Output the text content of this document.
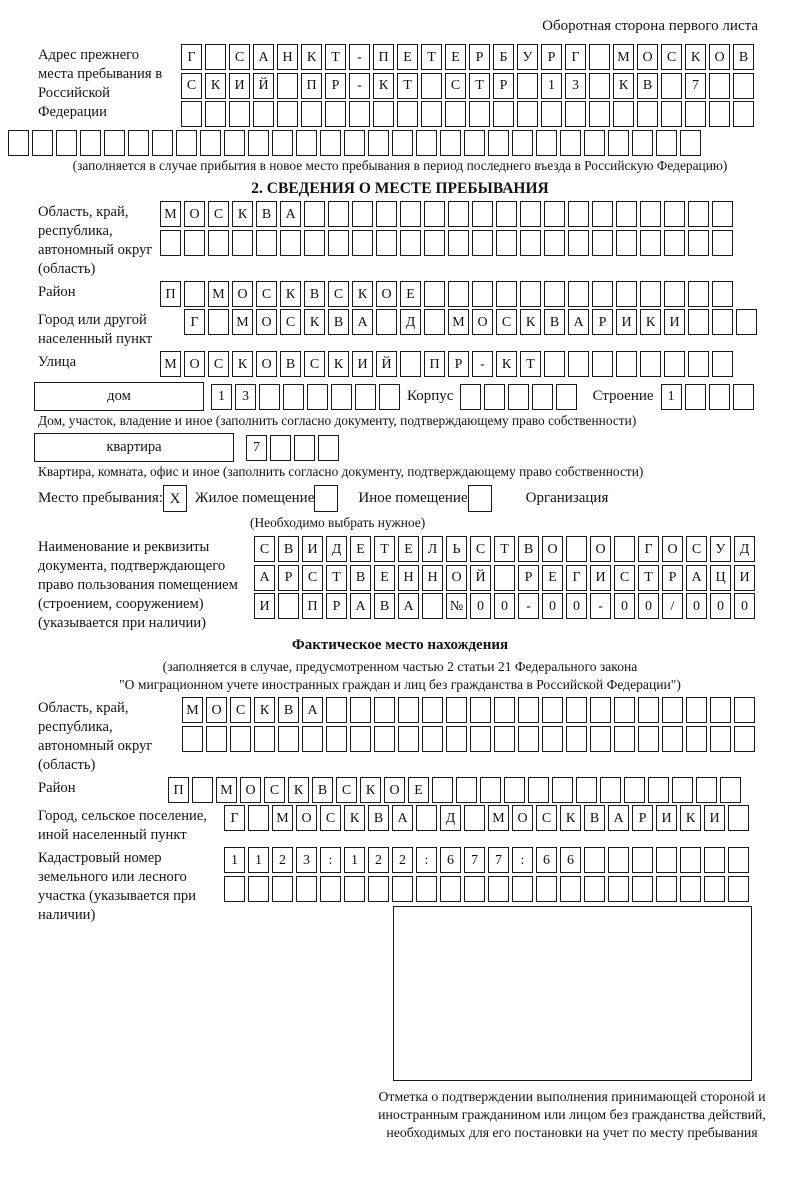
Оборотная сторона первого листа
Адрес прежнего места пребывания в Российской Федерации
Г	С	А Н	К	Т	-	П	Е	Т	Е	Р	Б	У	Р	Г	М О	С	К	О	В
С	К	И Й	П	Р	-	К	Т	С	Т	Р	1	3	К	В	7
(заполняется в случае прибытия в новое место пребывания в период последнего въезда в Российскую Федерацию)
2. СВЕДЕНИЯ О МЕСТЕ ПРЕБЫВАНИЯ
Область, край, республика, автономный округ (область)
М О	С	К	В	А
Район	П	М О	С	К	В	С	К	О	Е
Город или другой населенный пункт
Г	М О	С	К	В	А	Д	М О	С	К	В	А	Р	И	К	И
Улица	М О	С	К	О	В	С	К	И Й	П	Р	-	К	Т
дом	1	3	Корпус	Строение	1
Дом, участок, владение и иное (заполнить согласно документу, подтверждающему право собственности)
квартира	7
Квартира, комната, офис и иное (заполнить согласно документу, подтверждающему право собственности)
Место пребывания: X Жилое помещение	Иное помещение	Организация
(Необходимо выбрать нужное)
Наименование и реквизиты документа, подтверждающего право пользования помещением (строением, сооружением) (указывается при наличии)
С	В	И	Д	Е	Т	Е	Л	Ь	С	Т	В	О	О	Г	О	С	У	Д
А	Р	С	Т	В	Е	Н Н О Й	Р	Е	Г	И	С	Т	Р	А Ц И
И	П	Р	А	В	А	№ 0	0	-	0	0	-	0	0	/	0	0	0
Фактическое место нахождения
(заполняется в случае, предусмотренном частью 2 статьи 21 Федерального закона
"О миграционном учете иностранных граждан и лиц без гражданства в Российской Федерации")
Область, край, республика, автономный округ (область)
М О	С	К	В	А
Район	П	М О	С	К	В	С	К	О	Е
Город, сельское поселение, иной населенный пункт
Г	М О	С	К	В	А	Д	М О	С	К	В	А	Р	И	К	И
Кадастровый номер земельного или лесного участка (указывается при наличии)
1	1	2	3	:	1	2	2	:	6	7	7	:	6	6
Отметка о подтверждении выполнения принимающей стороной и иностранным гражданином или лицом без гражданства действий, необходимых для его постановки на учет по месту пребывания
